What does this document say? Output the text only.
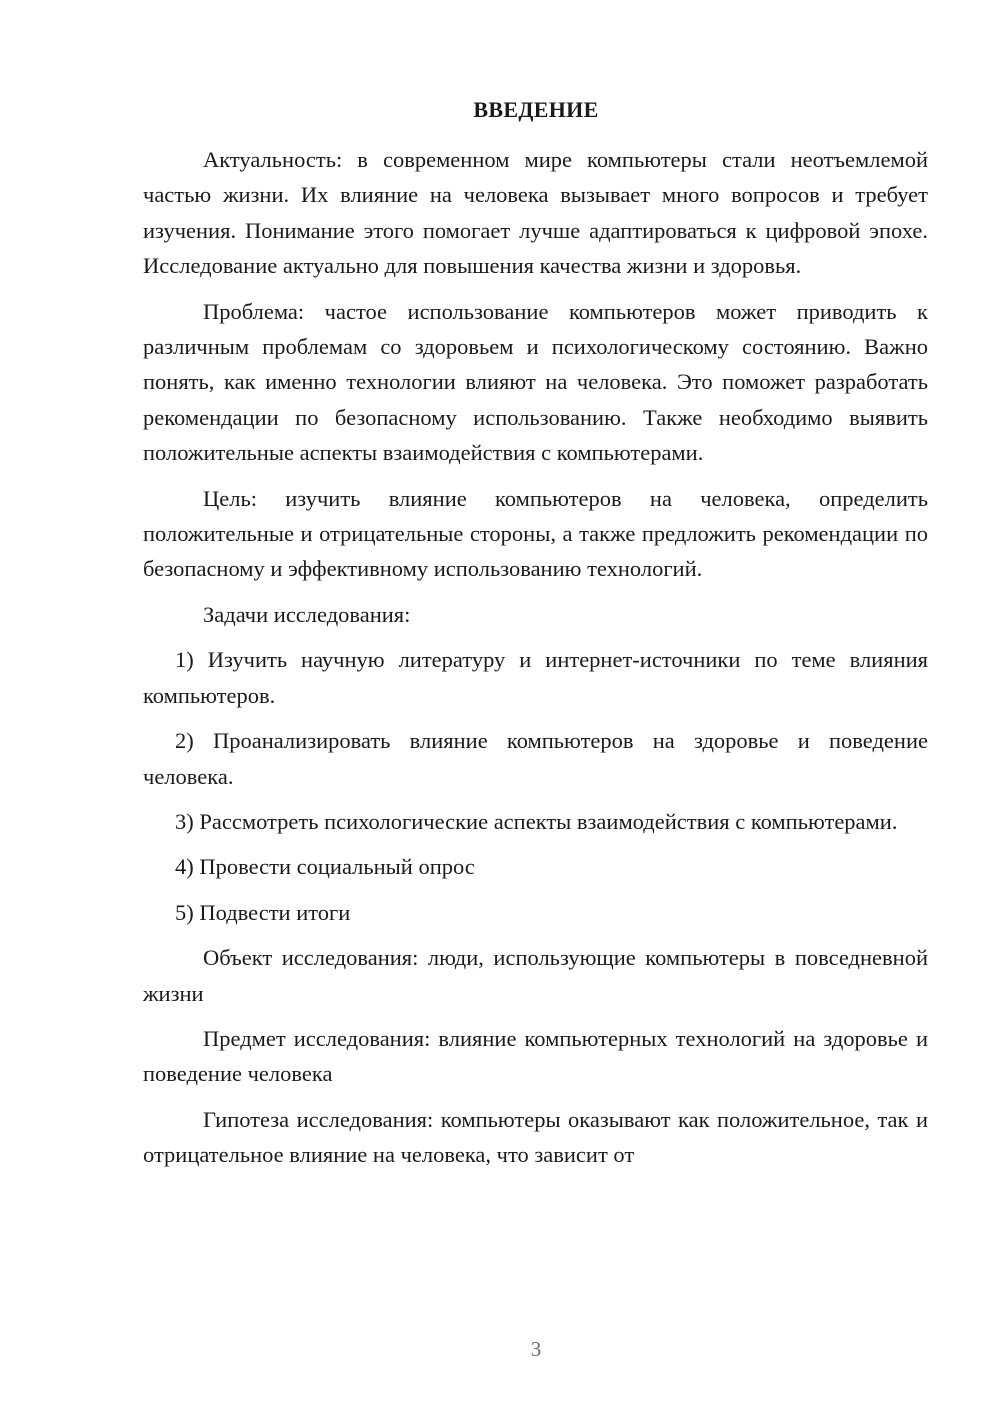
ВВЕДЕНИЕ

Актуальность: в современном мире компьютеры стали неотъемлемой частью жизни. Их влияние на человека вызывает много вопросов и требует изучения. Понимание этого помогает лучше адаптироваться к цифровой эпохе. Исследование актуально для повышения качества жизни и здоровья.

Проблема: частое использование компьютеров может приводить к различным проблемам со здоровьем и психологическому состоянию. Важно понять, как именно технологии влияют на человека. Это поможет разработать рекомендации по безопасному использованию. Также необходимо выявить положительные аспекты взаимодействия с компьютерами.

Цель: изучить влияние компьютеров на человека, определить положительные и отрицательные стороны, а также предложить рекомендации по безопасному и эффективному использованию технологий.

Задачи исследования:

1) Изучить научную литературу и интернет-источники по теме влияния компьютеров.

2) Проанализировать влияние компьютеров на здоровье и поведение человека.

3) Рассмотреть психологические аспекты взаимодействия с компьютерами.

4) Провести социальный опрос

5) Подвести итоги

Объект исследования: люди, использующие компьютеры в повседневной жизни

Предмет исследования: влияние компьютерных технологий на здоровье и поведение человека

Гипотеза исследования: компьютеры оказывают как положительное, так и отрицательное влияние на человека, что зависит от

3
